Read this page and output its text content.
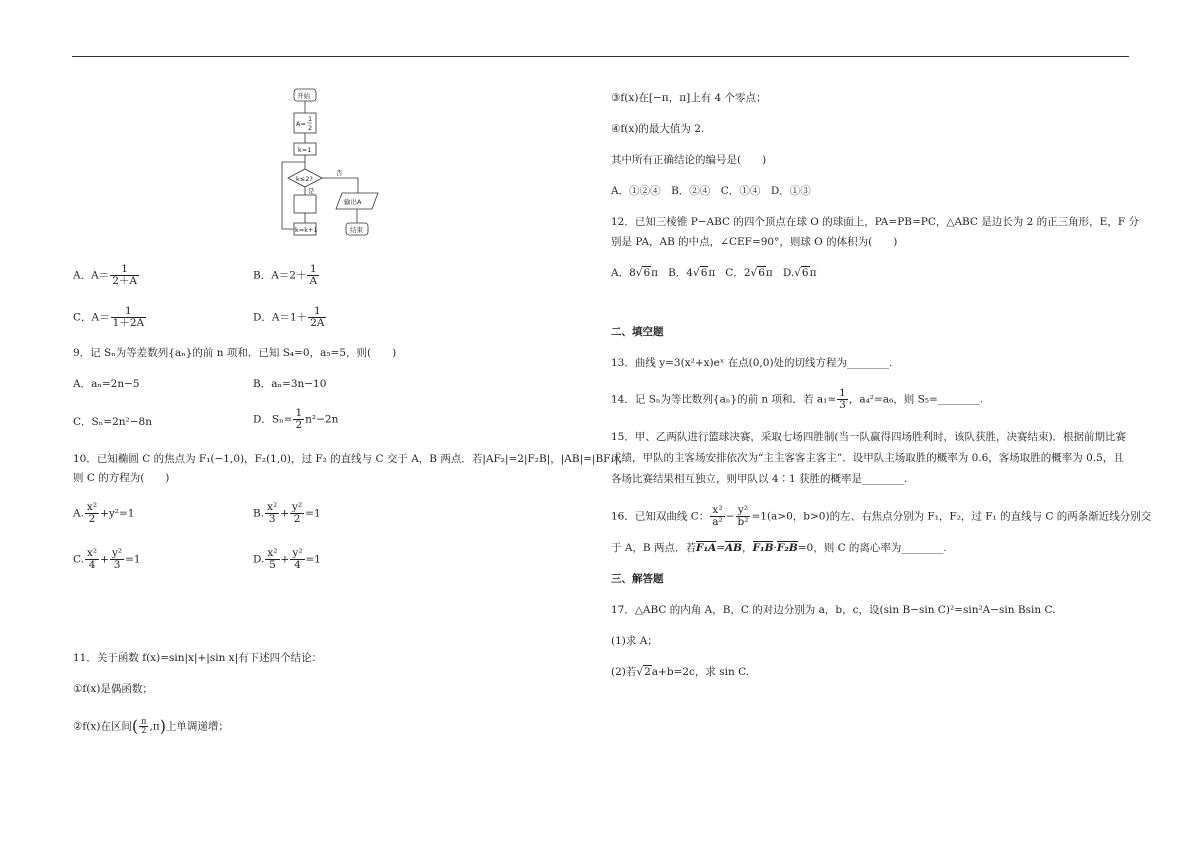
开始
A=
1
2
k=1
k≤2?
是
k=k+1
否
输出A
结束
A．$A= \frac{1}{2+A}$	B．$A=2+ \frac{1}{A}$
C．$A= \frac{1}{1+2A}$	D．$A=1+ \frac{1}{2A}$
9．记 Sₙ为等差数列{aₙ}的前 n 项和．已知 S₄=0，a₅=5，则(　　)
A．aₙ=2n−5	B．aₙ=3n−10
C．Sₙ=2n²−8n	D．$S_n= \frac{1}{2} n^2-2n$
10．已知椭圆 C 的焦点为 F₁(−1,0)，F₂(1,0)，过 F₂ 的直线与 C 交于 A，B 两点．若|AF₂|=2|F₂B|，|AB|=|BF₁|，
则 C 的方程为(　　)
A. $\frac{\text{x²}}{2} +y^2=1$	B. $\frac{\text{x²}}{3} + \frac{\text{y²}}{2} =1$
C. $\frac{\text{x²}}{4} + \frac{\text{y²}}{3} =1$	D. $\frac{\text{x²}}{5} + \frac{\text{y²}}{4} =1$
11．关于函数 f(x)=sin|x|+|sin x|有下述四个结论：
①f(x)是偶函数；
②f(x)在区间( $\frac{\pi}{2} ,\pi$)上单调递增；
③f(x)在[−π，π]上有 4 个零点；
④f(x)的最大值为 2.
其中所有正确结论的编号是(　　)
A．①②④　B．②④　C．①④　D．①③
12．已知三棱锥 P−ABC 的四个顶点在球 O 的球面上，PA=PB=PC，△ABC 是边长为 2 的正三角形，E，F 分
别是 PA，AB 的中点，∠CEF=90°，则球 O 的体积为(　　)
A．8√6π B．4√6π C．2√6π D.√6π
二、填空题
13．曲线 y=3(x²+x)eˣ 在点(0,0)处的切线方程为________.
14．记 Sₙ为等比数列{aₙ}的前 n 项和．若 $a_1= \frac{1}{3}$ ，a₄²=a₆，则 S₅=________.
15．甲、乙两队进行篮球决赛，采取七场四胜制(当一队赢得四场胜利时，该队获胜，决赛结束)．根据前期比赛
成绩，甲队的主客场安排依次为“主主客客主客主”．设甲队主场取胜的概率为 0.6，客场取胜的概率为 0.5，且
各场比赛结果相互独立，则甲队以 4∶1 获胜的概率是________.
16．已知双曲线 C： $\frac{\text{x²}}{\text{a²}} - \frac{\text{y²}}{\text{b²}} =1(a>0$，b>0)的左、右焦点分别为 F₁，F₂，过 F₁ 的直线与 C 的两条渐近线分别交
于 A，B 两点．若F₁A=AB，F₁B·F₂B=0，则 C 的离心率为________.
三、解答题
17．△ABC 的内角 A，B，C 的对边分别为 a，b，c，设(sin B−sin C)²=sin²A−sin Bsin C.
(1)求 A；
(2)若√2a+b=2c，求 sin C.
